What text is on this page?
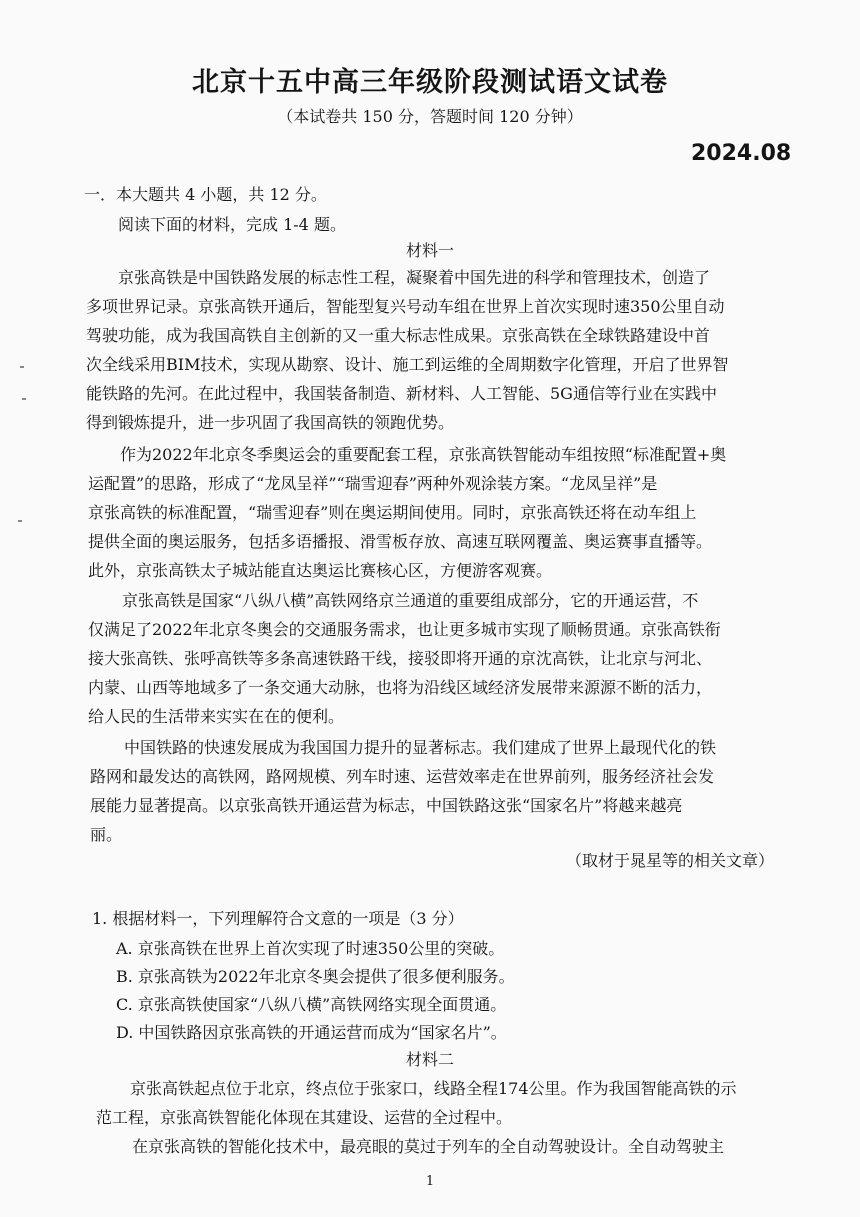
北京十五中高三年级阶段测试语文试卷
（本试卷共 150 分，答题时间 120 分钟）
2024.08
一．本大题共 4 小题，共 12 分。
阅读下面的材料，完成 1-4 题。
材料一
京张高铁是中国铁路发展的标志性工程，凝聚着中国先进的科学和管理技术，创造了
多项世界记录。京张高铁开通后，智能型复兴号动车组在世界上首次实现时速350公里自动
驾驶功能，成为我国高铁自主创新的又一重大标志性成果。京张高铁在全球铁路建设中首
次全线采用BIM技术，实现从勘察、设计、施工到运维的全周期数字化管理，开启了世界智
能铁路的先河。在此过程中，我国装备制造、新材料、人工智能、5G通信等行业在实践中
得到锻炼提升，进一步巩固了我国高铁的领跑优势。
作为2022年北京冬季奥运会的重要配套工程，京张高铁智能动车组按照“标准配置+奥
运配置”的思路，形成了“龙凤呈祥”“瑞雪迎春”两种外观涂装方案。“龙凤呈祥”是
京张高铁的标准配置，“瑞雪迎春”则在奥运期间使用。同时，京张高铁还将在动车组上
提供全面的奥运服务，包括多语播报、滑雪板存放、高速互联网覆盖、奥运赛事直播等。
此外，京张高铁太子城站能直达奥运比赛核心区，方便游客观赛。
京张高铁是国家“八纵八横”高铁网络京兰通道的重要组成部分，它的开通运营，不
仅满足了2022年北京冬奥会的交通服务需求，也让更多城市实现了顺畅贯通。京张高铁衔
接大张高铁、张呼高铁等多条高速铁路干线，接驳即将开通的京沈高铁，让北京与河北、
内蒙、山西等地域多了一条交通大动脉，也将为沿线区域经济发展带来源源不断的活力，
给人民的生活带来实实在在的便利。
中国铁路的快速发展成为我国国力提升的显著标志。我们建成了世界上最现代化的铁
路网和最发达的高铁网，路网规模、列车时速、运营效率走在世界前列，服务经济社会发
展能力显著提高。以京张高铁开通运营为标志，中国铁路这张“国家名片”将越来越亮
丽。
（取材于晁星等的相关文章）
1. 根据材料一，下列理解符合文意的一项是（3 分）
A. 京张高铁在世界上首次实现了时速350公里的突破。
B. 京张高铁为2022年北京冬奥会提供了很多便利服务。
C. 京张高铁使国家“八纵八横”高铁网络实现全面贯通。
D. 中国铁路因京张高铁的开通运营而成为“国家名片”。
材料二
京张高铁起点位于北京，终点位于张家口，线路全程174公里。作为我国智能高铁的示
范工程，京张高铁智能化体现在其建设、运营的全过程中。
在京张高铁的智能化技术中，最亮眼的莫过于列车的全自动驾驶设计。全自动驾驶主
1
